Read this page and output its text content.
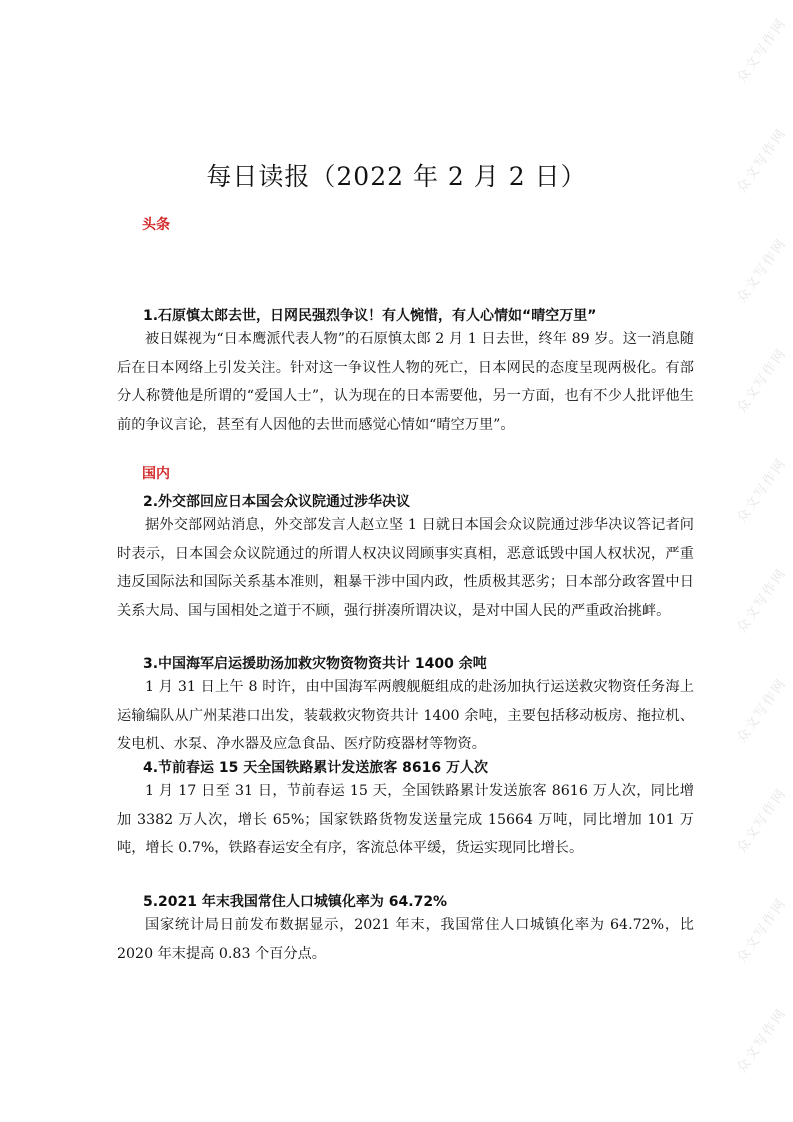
众文写作网
众文写作网
众文写作网
众文写作网
众文写作网
众文写作网
众文写作网
众文写作网
众文写作网
众文写作网
每日读报（2022 年 2 月 2 日）
头条
1.石原慎太郎去世，日网民强烈争议！有人惋惜，有人心情如“晴空万里”

被日媒视为“日本鹰派代表人物”的石原慎太郎 2 月 1 日去世，终年 89 岁。这一消息随后在日本网络上引发关注。针对这一争议性人物的死亡，日本网民的态度呈现两极化。有部分人称赞他是所谓的“爱国人士”，认为现在的日本需要他，另一方面，也有不少人批评他生前的争议言论，甚至有人因他的去世而感觉心情如“晴空万里”。

国内
2.外交部回应日本国会众议院通过涉华决议

据外交部网站消息，外交部发言人赵立坚 1 日就日本国会众议院通过涉华决议答记者问时表示，日本国会众议院通过的所谓人权决议罔顾事实真相，恶意诋毁中国人权状况，严重违反国际法和国际关系基本准则，粗暴干涉中国内政，性质极其恶劣；日本部分政客置中日关系大局、国与国相处之道于不顾，强行拼凑所谓决议，是对中国人民的严重政治挑衅。

3.中国海军启运援助汤加救灾物资物资共计 1400 余吨

1 月 31 日上午 8 时许，由中国海军两艘舰艇组成的赴汤加执行运送救灾物资任务海上运输编队从广州某港口出发，装载救灾物资共计 1400 余吨，主要包括移动板房、拖拉机、发电机、水泵、净水器及应急食品、医疗防疫器材等物资。

4.节前春运 15 天全国铁路累计发送旅客 8616 万人次

1 月 17 日至 31 日，节前春运 15 天，全国铁路累计发送旅客 8616 万人次，同比增加 3382 万人次，增长 65%；国家铁路货物发送量完成 15664 万吨，同比增加 101 万吨，增长 0.7%，铁路春运安全有序，客流总体平缓，货运实现同比增长。

5.2021 年末我国常住人口城镇化率为 64.72%

国家统计局日前发布数据显示，2021 年末，我国常住人口城镇化率为 64.72%，比 2020 年末提高 0.83 个百分点。
